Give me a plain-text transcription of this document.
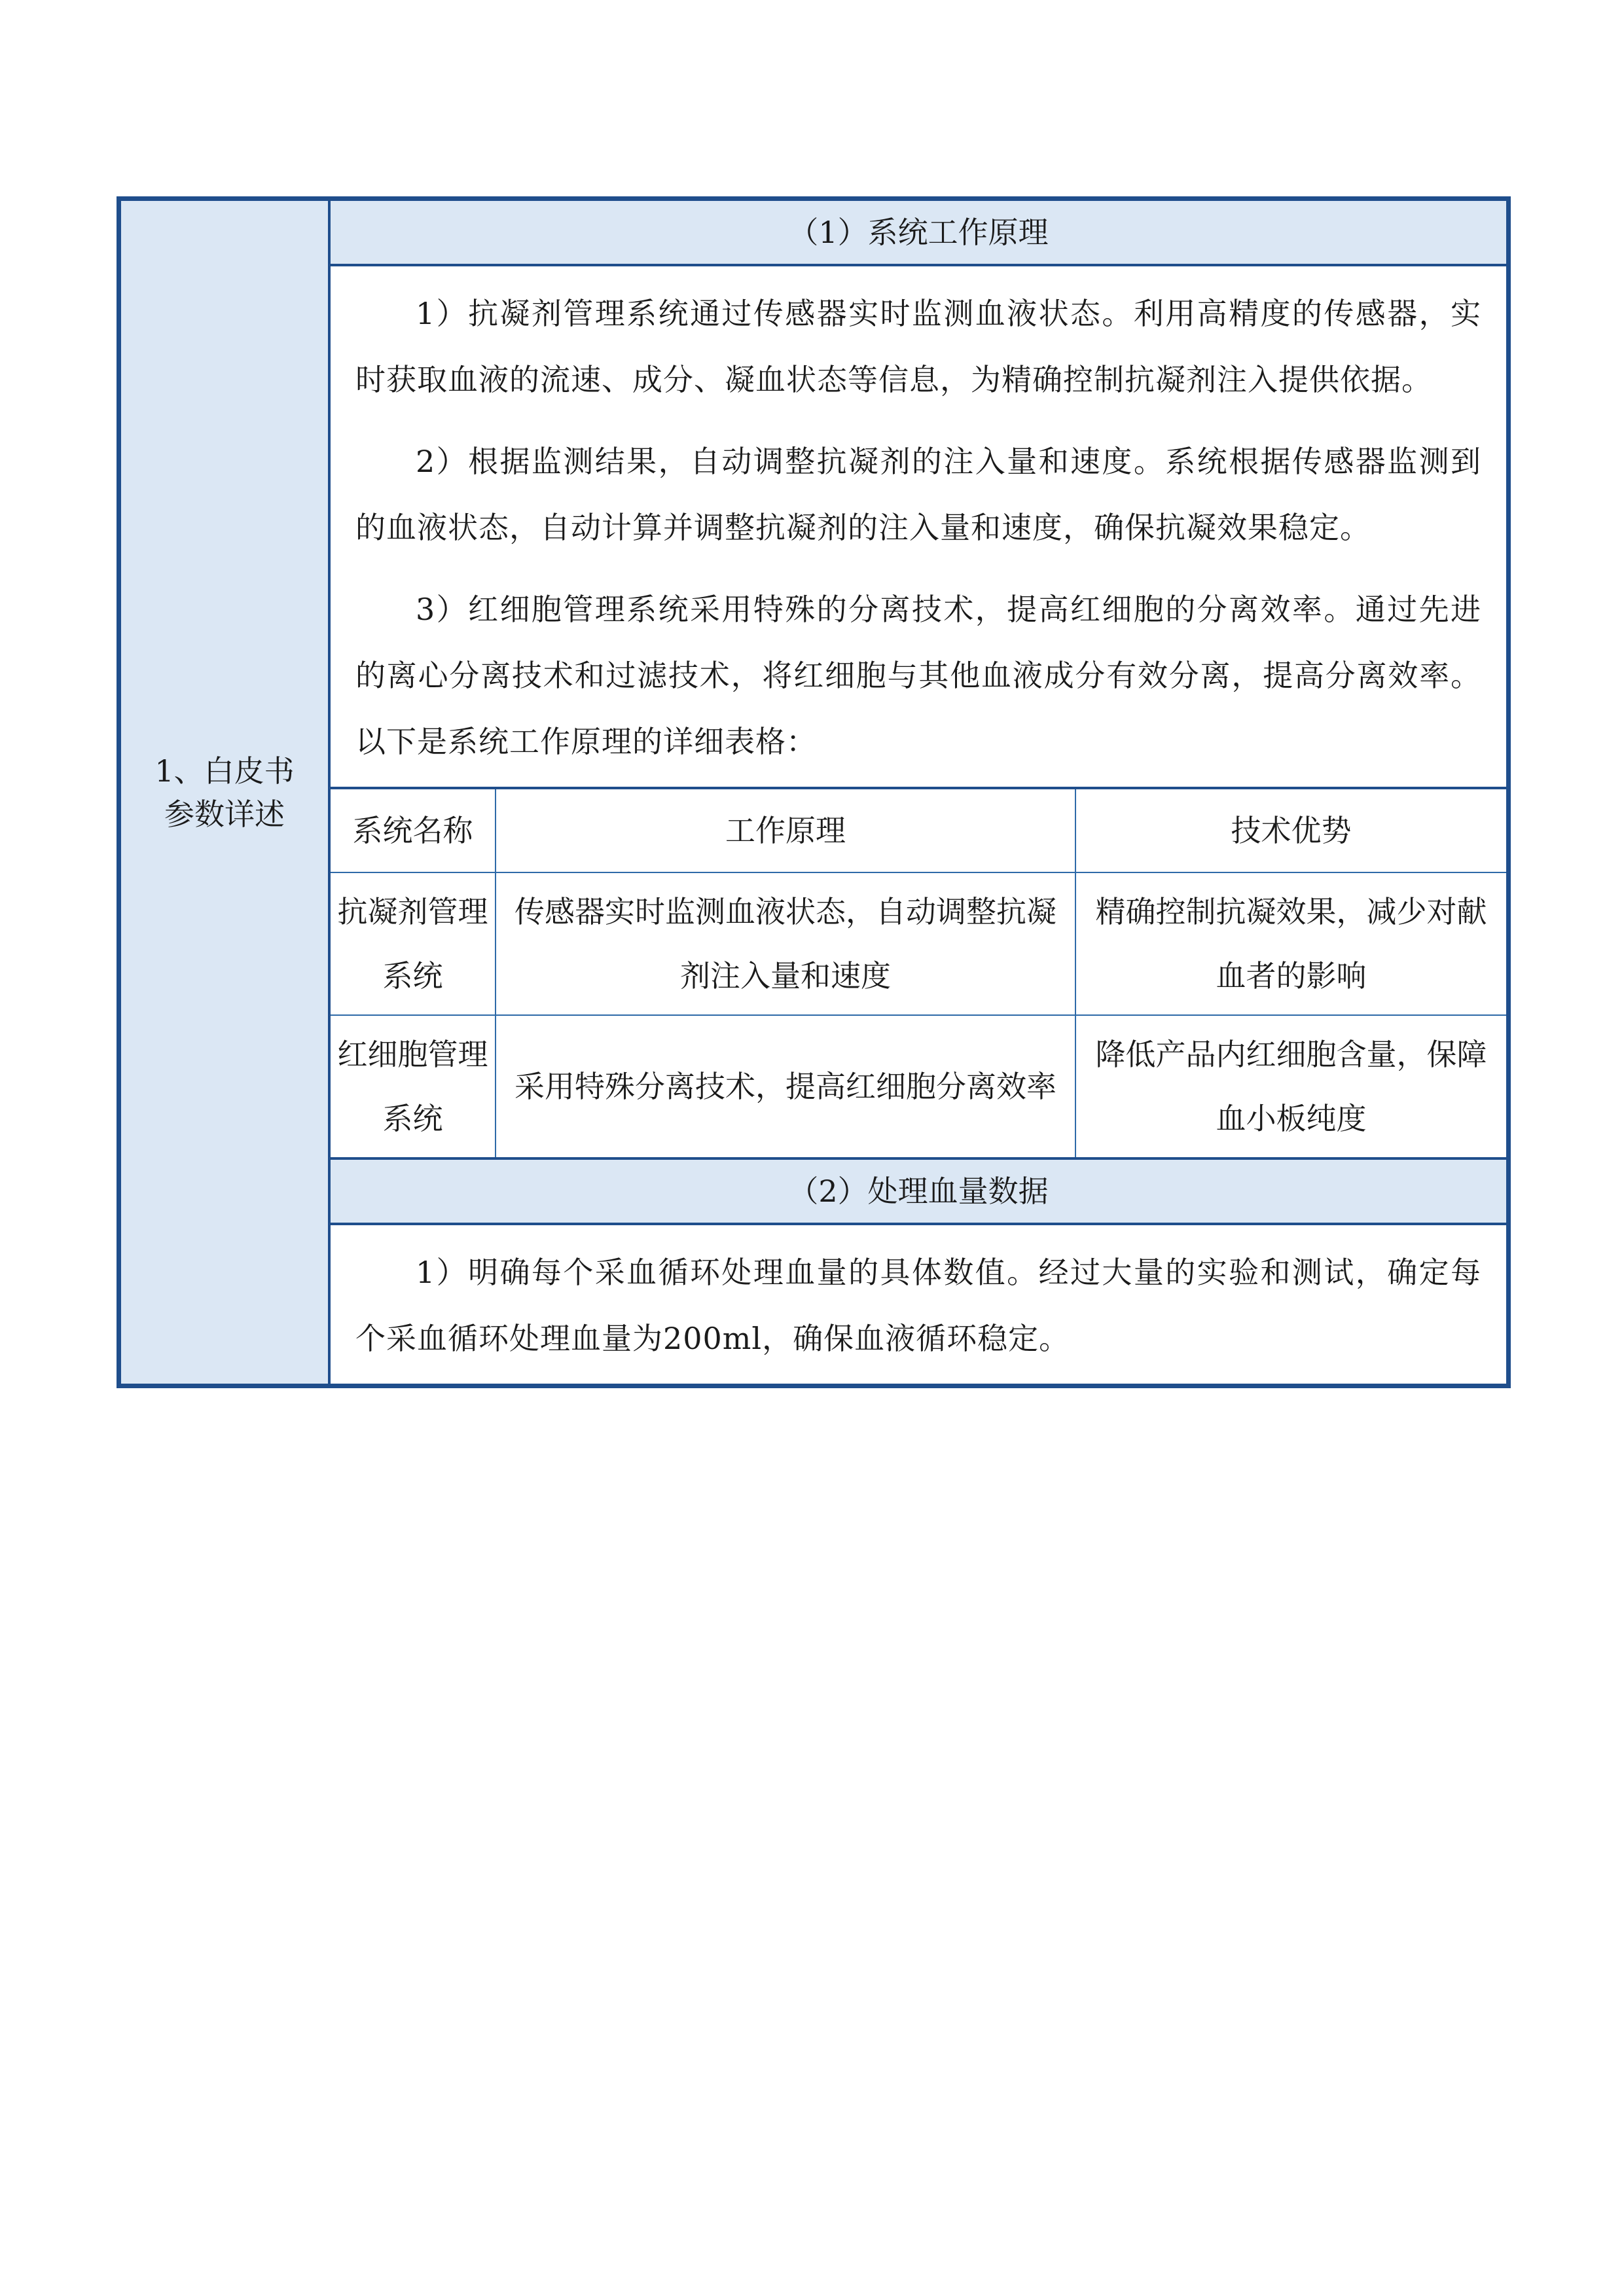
1、白皮书
参数详述
	（1）系统工作原理

1）抗凝剂管理系统通过传感器实时监测血液状态。利用高精度的传感器，实时获取血液的流速、成分、凝血状态等信息，为精确控制抗凝剂注入提供依据。

2）根据监测结果，自动调整抗凝剂的注入量和速度。系统根据传感器监测到的血液状态，自动计算并调整抗凝剂的注入量和速度，确保抗凝效果稳定。

3）红细胞管理系统采用特殊的分离技术，提高红细胞的分离效率。通过先进的离心分离技术和过滤技术，将红细胞与其他血液成分有效分离，提高分离效率。以下是系统工作原理的详细表格：

系统名称	工作原理	技术优势
抗凝剂管理系统	传感器实时监测血液状态，自动调整抗凝剂注入量和速度	精确控制抗凝效果，减少对献血者的影响
红细胞管理系统	采用特殊分离技术，提高红细胞分离效率	降低产品内红细胞含量，保障血小板纯度

（2）处理血量数据

1）明确每个采血循环处理血量的具体数值。经过大量的实验和测试，确定每个采血循环处理血量为200ml，确保血液循环稳定。
